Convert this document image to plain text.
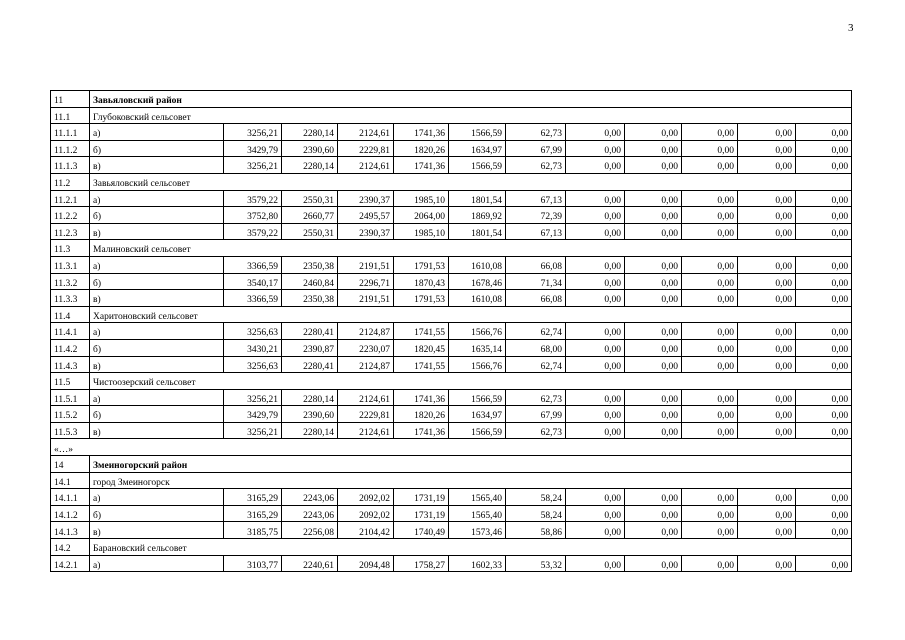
3
11	Завьяловский район											
11.1	Глубоковский сельсовет											
11.1.1	а)	3256,21	2280,14	2124,61	1741,36	1566,59	62,73	0,00	0,00	0,00	0,00	0,00
11.1.2	б)	3429,79	2390,60	2229,81	1820,26	1634,97	67,99	0,00	0,00	0,00	0,00	0,00
11.1.3	в)	3256,21	2280,14	2124,61	1741,36	1566,59	62,73	0,00	0,00	0,00	0,00	0,00
11.2	Завьяловский сельсовет											
11.2.1	а)	3579,22	2550,31	2390,37	1985,10	1801,54	67,13	0,00	0,00	0,00	0,00	0,00
11.2.2	б)	3752,80	2660,77	2495,57	2064,00	1869,92	72,39	0,00	0,00	0,00	0,00	0,00
11.2.3	в)	3579,22	2550,31	2390,37	1985,10	1801,54	67,13	0,00	0,00	0,00	0,00	0,00
11.3	Малиновский сельсовет											
11.3.1	а)	3366,59	2350,38	2191,51	1791,53	1610,08	66,08	0,00	0,00	0,00	0,00	0,00
11.3.2	б)	3540,17	2460,84	2296,71	1870,43	1678,46	71,34	0,00	0,00	0,00	0,00	0,00
11.3.3	в)	3366,59	2350,38	2191,51	1791,53	1610,08	66,08	0,00	0,00	0,00	0,00	0,00
11.4	Харитоновский сельсовет											
11.4.1	а)	3256,63	2280,41	2124,87	1741,55	1566,76	62,74	0,00	0,00	0,00	0,00	0,00
11.4.2	б)	3430,21	2390,87	2230,07	1820,45	1635,14	68,00	0,00	0,00	0,00	0,00	0,00
11.4.3	в)	3256,63	2280,41	2124,87	1741,55	1566,76	62,74	0,00	0,00	0,00	0,00	0,00
11.5	Чистоозерский сельсовет											
11.5.1	а)	3256,21	2280,14	2124,61	1741,36	1566,59	62,73	0,00	0,00	0,00	0,00	0,00
11.5.2	б)	3429,79	2390,60	2229,81	1820,26	1634,97	67,99	0,00	0,00	0,00	0,00	0,00
11.5.3	в)	3256,21	2280,14	2124,61	1741,36	1566,59	62,73	0,00	0,00	0,00	0,00	0,00
«…»												
14	Змеиногорский район											
14.1	город Змеиногорск											
14.1.1	а)	3165,29	2243,06	2092,02	1731,19	1565,40	58,24	0,00	0,00	0,00	0,00	0,00
14.1.2	б)	3165,29	2243,06	2092,02	1731,19	1565,40	58,24	0,00	0,00	0,00	0,00	0,00
14.1.3	в)	3185,75	2256,08	2104,42	1740,49	1573,46	58,86	0,00	0,00	0,00	0,00	0,00
14.2	Барановский сельсовет											
14.2.1	а)	3103,77	2240,61	2094,48	1758,27	1602,33	53,32	0,00	0,00	0,00	0,00	0,00
